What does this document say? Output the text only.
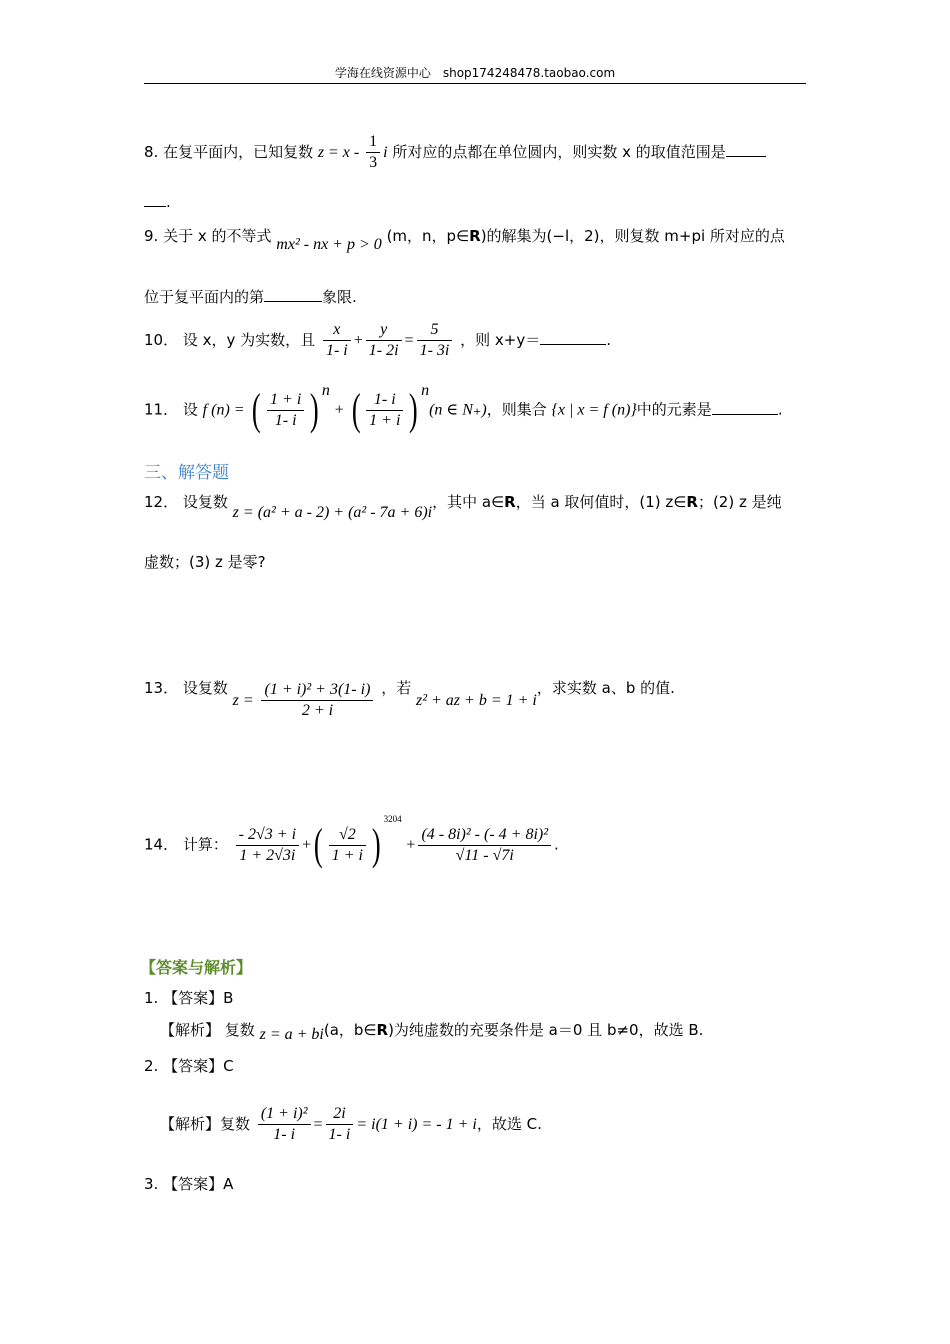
学海在线资源中心　shop174248478.taobao.com
8. 在复平面内，已知复数 $z = x - \frac{1}{3}$ i 所对应的点都在单位圆内，则实数 x 的取值范围是
.
9. 关于 x 的不等式 mx² - nx + p > 0 (m，n，p∈R)的解集为(−l，2)，则复数 m+pi 所对应的点
位于复平面内的第	象限.
10． 设 x，y 为实数，且 $\frac{x}{1- i} + \frac{y}{1- 2i} = \frac{5}{1- 3i}$ ，则 x+y＝	.
11． 设 f (n) = ( $\frac{1 + i}{1- i}$ ) $^n$ + ( $\frac{1- i}{1 + i}$ ) $^n$(n ∈ N₊)，则集合 {x | x = f (n)}中的元素是	.
三、解答题
12． 设复数 z = (a² + a - 2) + (a² - 7a + 6)i，其中 a∈R，当 a 取何值时，(1) z∈R；(2) z 是纯
虚数；(3) z 是零?
13． 设复数 $z = \frac{\text{(1 + i)² + 3(1- i)}}{2 + i}$ ，若 z² + az + b = 1 + i，求实数 a、b 的值.
14． 计算： $\frac{- 2√3 + i}{1 + 2√3i}$ +( $\frac{√2}{1 + i} )^{3204} + \frac{\text{(4 - 8i)² - (- 4 + 8i)²}}{√11 - √7i}$ .
【答案与解析】
1. 【答案】B
【解析】 复数 z = a + bi(a，b∈R)为纯虚数的充要条件是 a＝0 且 b≠0，故选 B.
2. 【答案】C
【解析】复数 $\frac{\text{(1 + i)²}}{1- i} = \frac{2i}{1- i} = i(1 + i)$ = - 1 + i，故选 C.
3. 【答案】A
